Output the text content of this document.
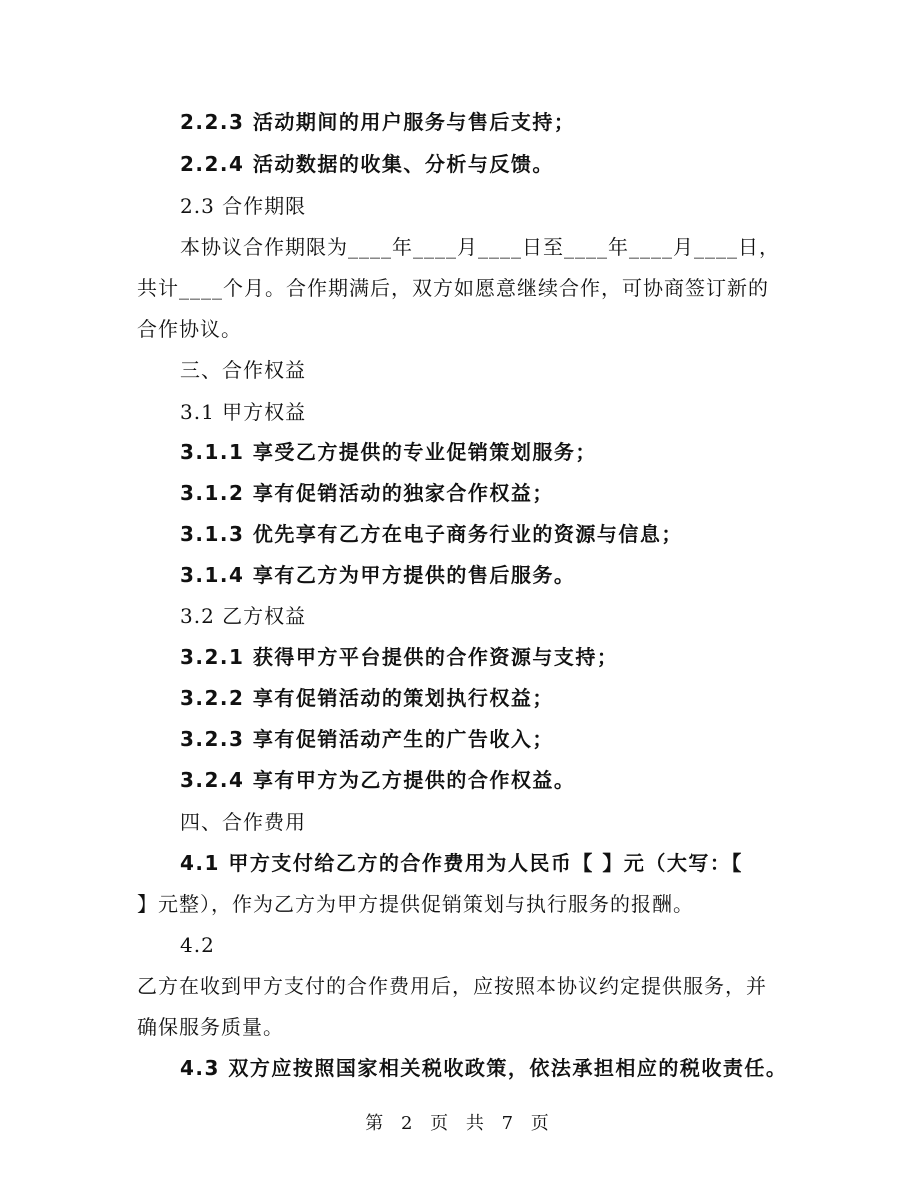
2.2.3 活动期间的用户服务与售后支持；
2.2.4 活动数据的收集、分析与反馈。
2.3 合作期限
本协议合作期限为____年____月____日至____年____月____日，
共计____个月。合作期满后，双方如愿意继续合作，可协商签订新的
合作协议。
三、合作权益
3.1 甲方权益
3.1.1 享受乙方提供的专业促销策划服务；
3.1.2 享有促销活动的独家合作权益；
3.1.3 优先享有乙方在电子商务行业的资源与信息；
3.1.4 享有乙方为甲方提供的售后服务。
3.2 乙方权益
3.2.1 获得甲方平台提供的合作资源与支持；
3.2.2 享有促销活动的策划执行权益；
3.2.3 享有促销活动产生的广告收入；
3.2.4 享有甲方为乙方提供的合作权益。
四、合作费用
4.1 甲方支付给乙方的合作费用为人民币【 】元（大写：【
】元整），作为乙方为甲方提供促销策划与执行服务的报酬。
4.2
乙方在收到甲方支付的合作费用后，应按照本协议约定提供服务，并
确保服务质量。
4.3 双方应按照国家相关税收政策，依法承担相应的税收责任。
第 2 页 共 7 页
